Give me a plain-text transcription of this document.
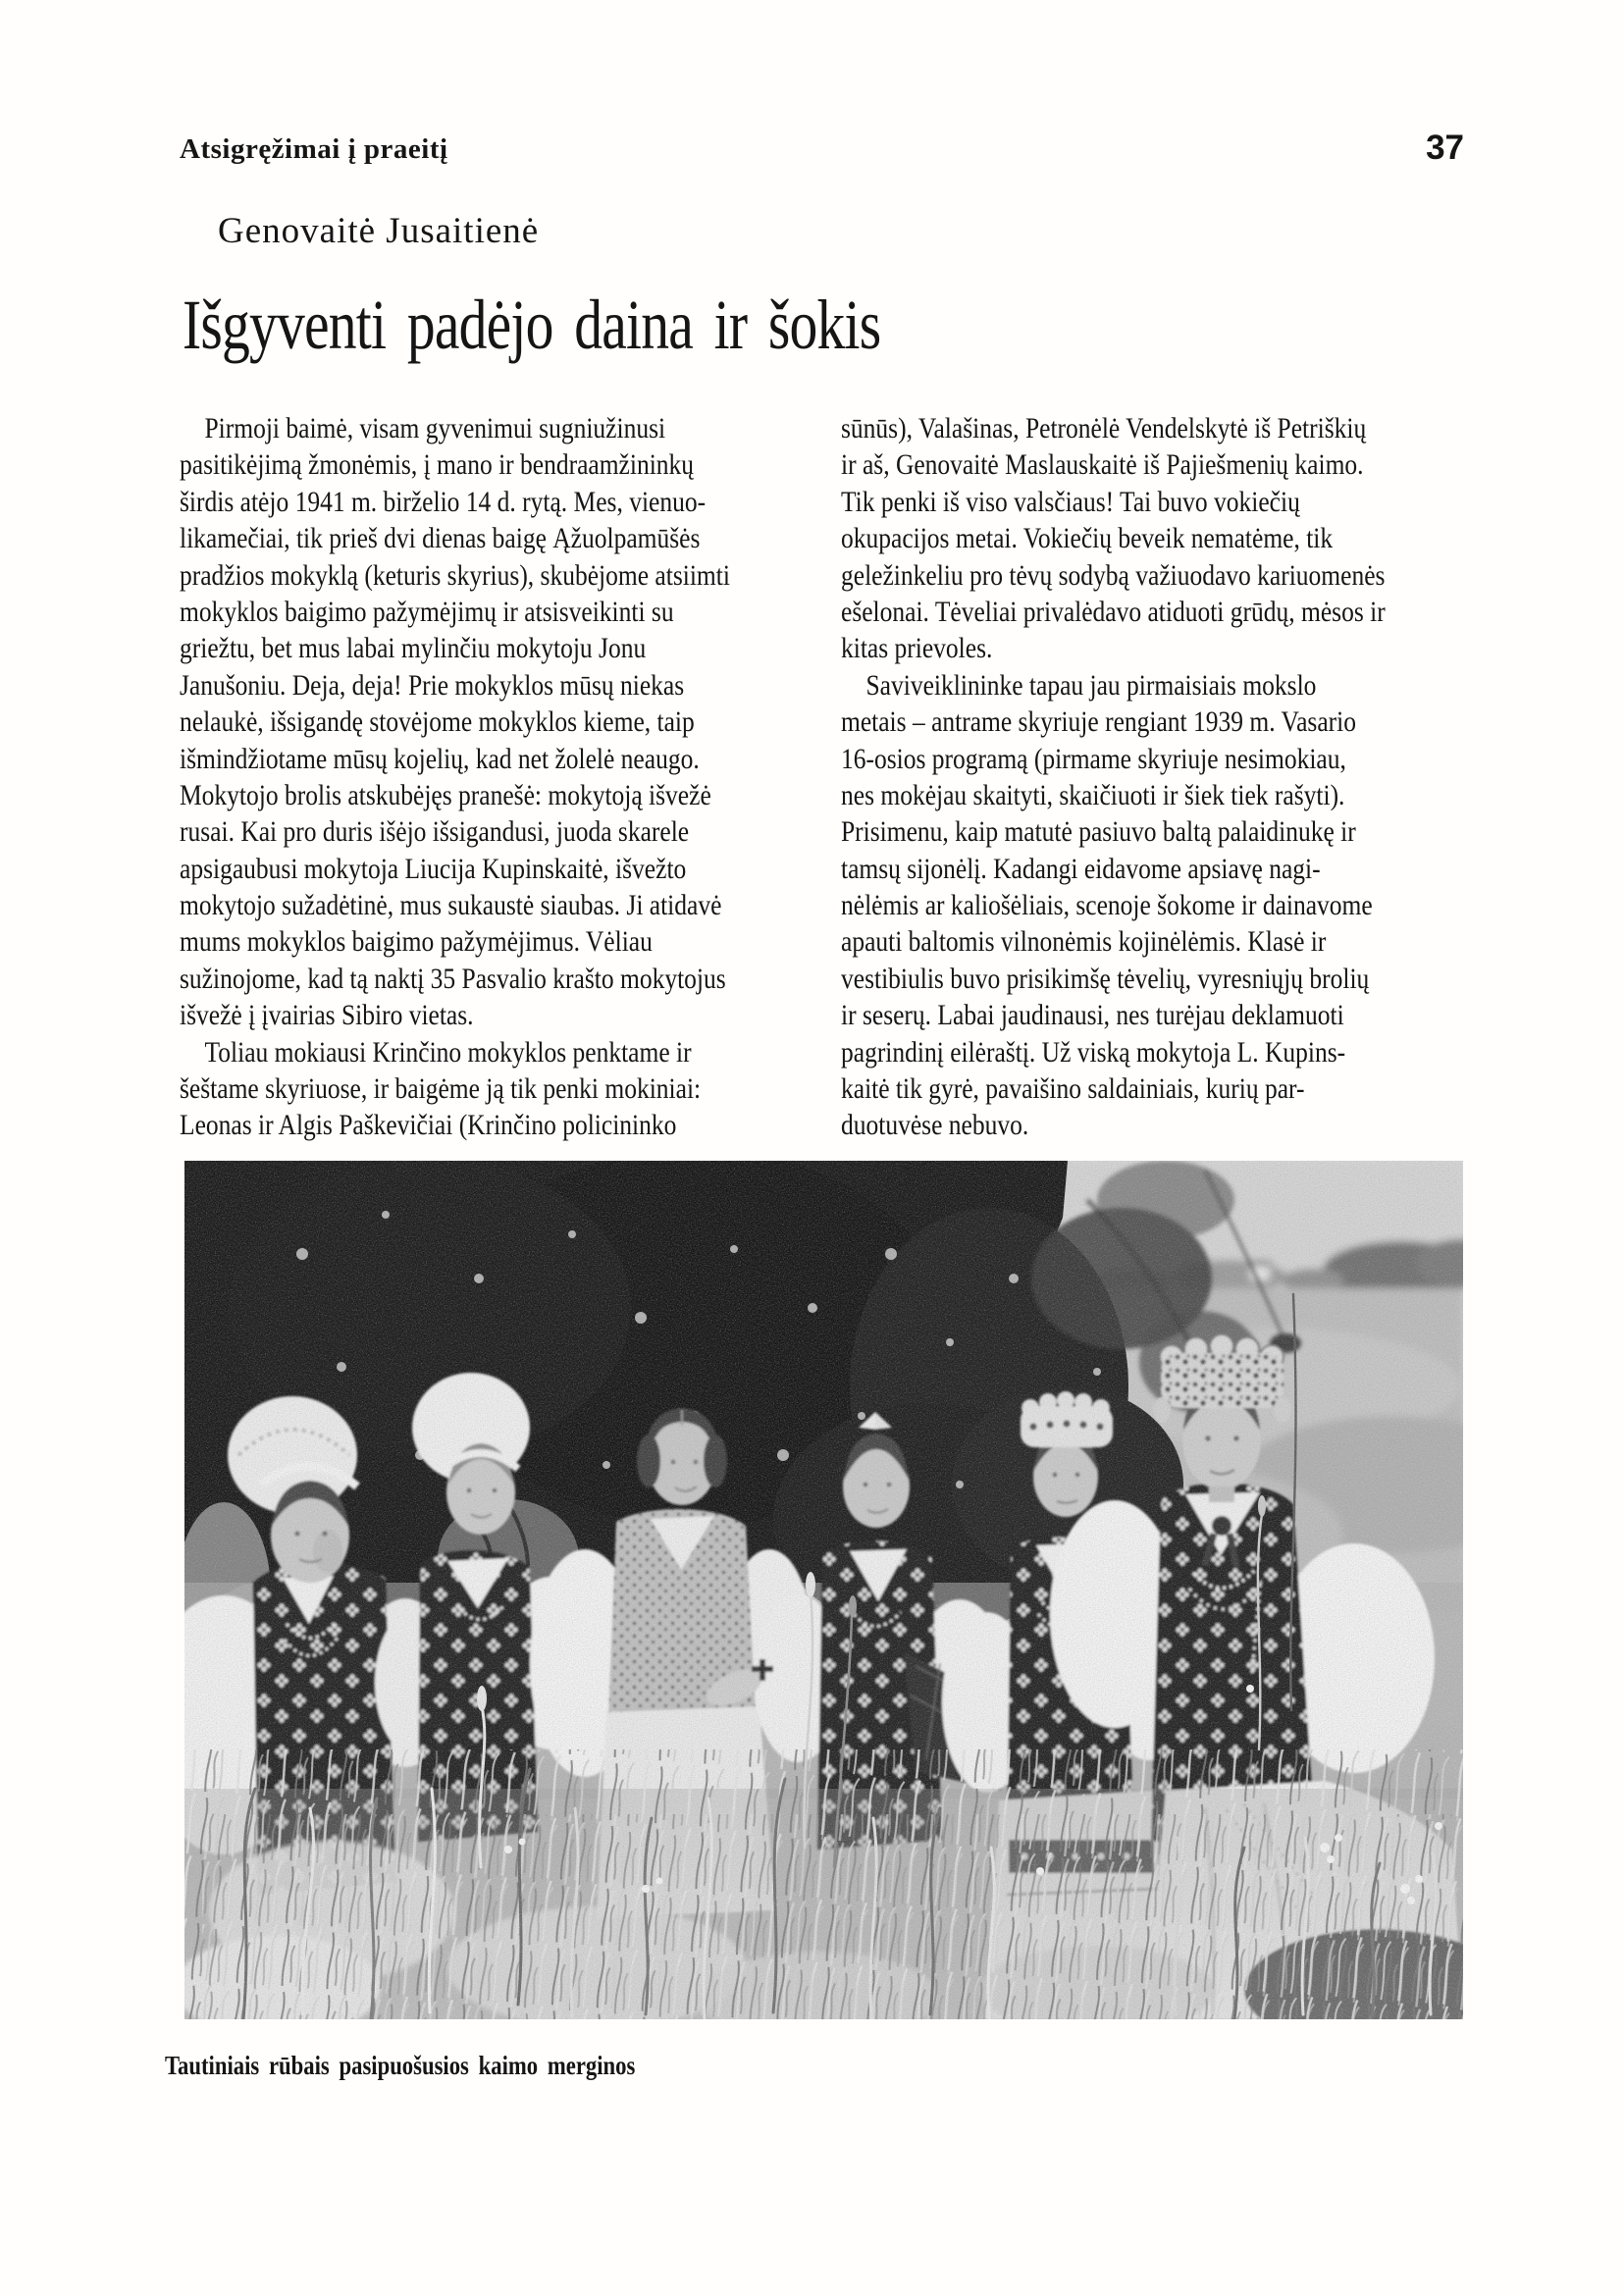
Atsigręžimai į praeitį	37
Genovaitė Jusaitienė
Išgyventi padėjo daina ir šokis
Pirmoji baimė, visam gyvenimui sugniužinusi
pasitikėjimą žmonėmis, į mano ir bendraamžininkų
širdis atėjo 1941 m. birželio 14 d. rytą. Mes, vienuo-
likamečiai, tik prieš dvi dienas baigę Ąžuolpamūšės
pradžios mokyklą (keturis skyrius), skubėjome atsiimti
mokyklos baigimo pažymėjimų ir atsisveikinti su
griežtu, bet mus labai mylinčiu mokytoju Jonu
Janušoniu. Deja, deja! Prie mokyklos mūsų niekas
nelaukė, išsigandę stovėjome mokyklos kieme, taip
išmindžiotame mūsų kojelių, kad net žolelė neaugo.
Mokytojo brolis atskubėjęs pranešė: mokytoją išvežė
rusai. Kai pro duris išėjo išsigandusi, juoda skarele
apsigaubusi mokytoja Liucija Kupinskaitė, išvežto
mokytojo sužadėtinė, mus sukaustė siaubas. Ji atidavė
mums mokyklos baigimo pažymėjimus. Vėliau
sužinojome, kad tą naktį 35 Pasvalio krašto mokytojus
išvežė į įvairias Sibiro vietas.
Toliau mokiausi Krinčino mokyklos penktame ir
šeštame skyriuose, ir baigėme ją tik penki mokiniai:
Leonas ir Algis Paškevičiai (Krinčino policininko
sūnūs), Valašinas, Petronėlė Vendelskytė iš Petriškių
ir aš, Genovaitė Maslauskaitė iš Pajiešmenių kaimo.
Tik penki iš viso valsčiaus! Tai buvo vokiečių
okupacijos metai. Vokiečių beveik nematėme, tik
geležinkeliu pro tėvų sodybą važiuodavo kariuomenės
ešelonai. Tėveliai privalėdavo atiduoti grūdų, mėsos ir
kitas prievoles.
Saviveiklininke tapau jau pirmaisiais mokslo
metais – antrame skyriuje rengiant 1939 m. Vasario
16-osios programą (pirmame skyriuje nesimokiau,
nes mokėjau skaityti, skaičiuoti ir šiek tiek rašyti).
Prisimenu, kaip matutė pasiuvo baltą palaidinukę ir
tamsų sijonėlį. Kadangi eidavome apsiavę nagi-
nėlėmis ar kaliošėliais, scenoje šokome ir dainavome
apauti baltomis vilnonėmis kojinėlėmis. Klasė ir
vestibiulis buvo prisikimšę tėvelių, vyresniųjų brolių
ir seserų. Labai jaudinausi, nes turėjau deklamuoti
pagrindinį eilėraštį. Už viską mokytoja L. Kupins-
kaitė tik gyrė, pavaišino saldainiais, kurių par-
duotuvėse nebuvo.
Tautiniais rūbais pasipuošusios kaimo merginos
